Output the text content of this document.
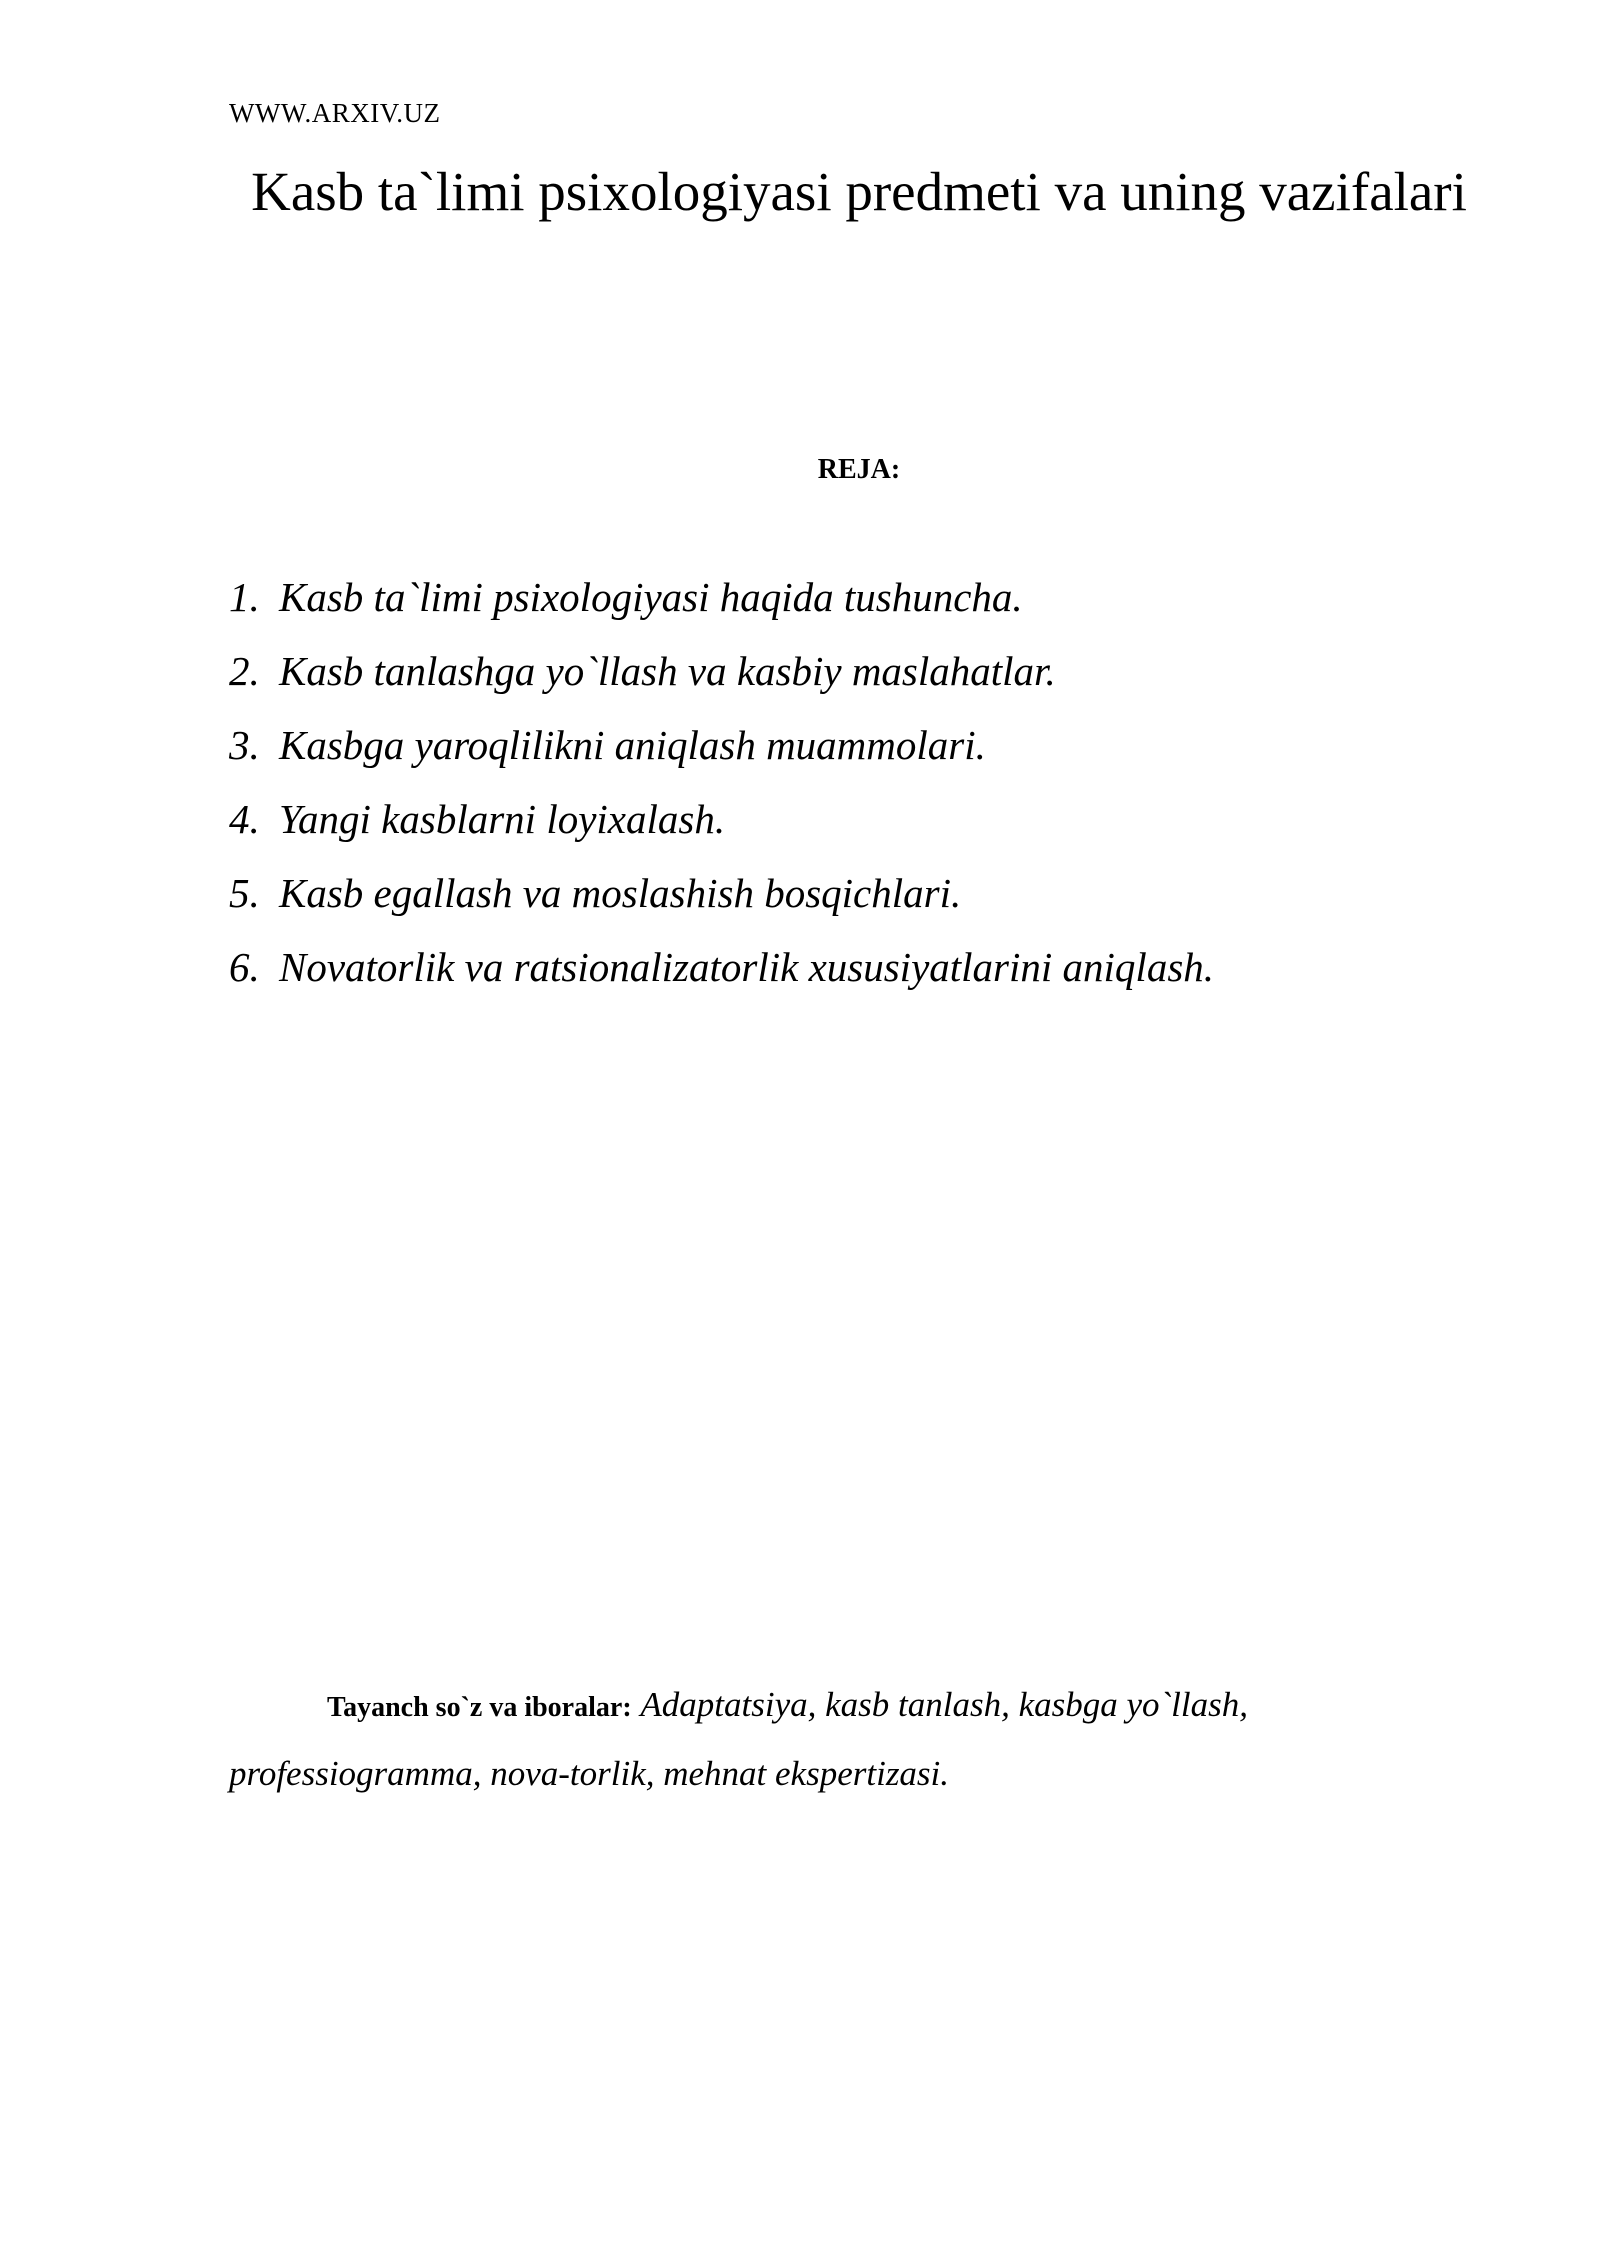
WWW.ARXIV.UZ
Kasb ta`limi psixologiyasi predmeti va uning vazifalari
REJA:
1. Kasb ta`limi psixologiyasi haqida tushuncha.
2. Kasb tanlashga yo`llash va kasbiy maslahatlar.
3. Kasbga yaroqlilikni aniqlash muammolari.
4. Yangi kasblarni loyixalash.
5. Kasb egallash va moslashish bosqichlari.
6. Novatorlik va ratsionalizatorlik xususiyatlarini aniqlash.

Tayanch so`z va iboralar: Adaptatsiya, kasb tanlash, kasbga yo`llash, professiogramma, nova-torlik, mehnat ekspertizasi.
